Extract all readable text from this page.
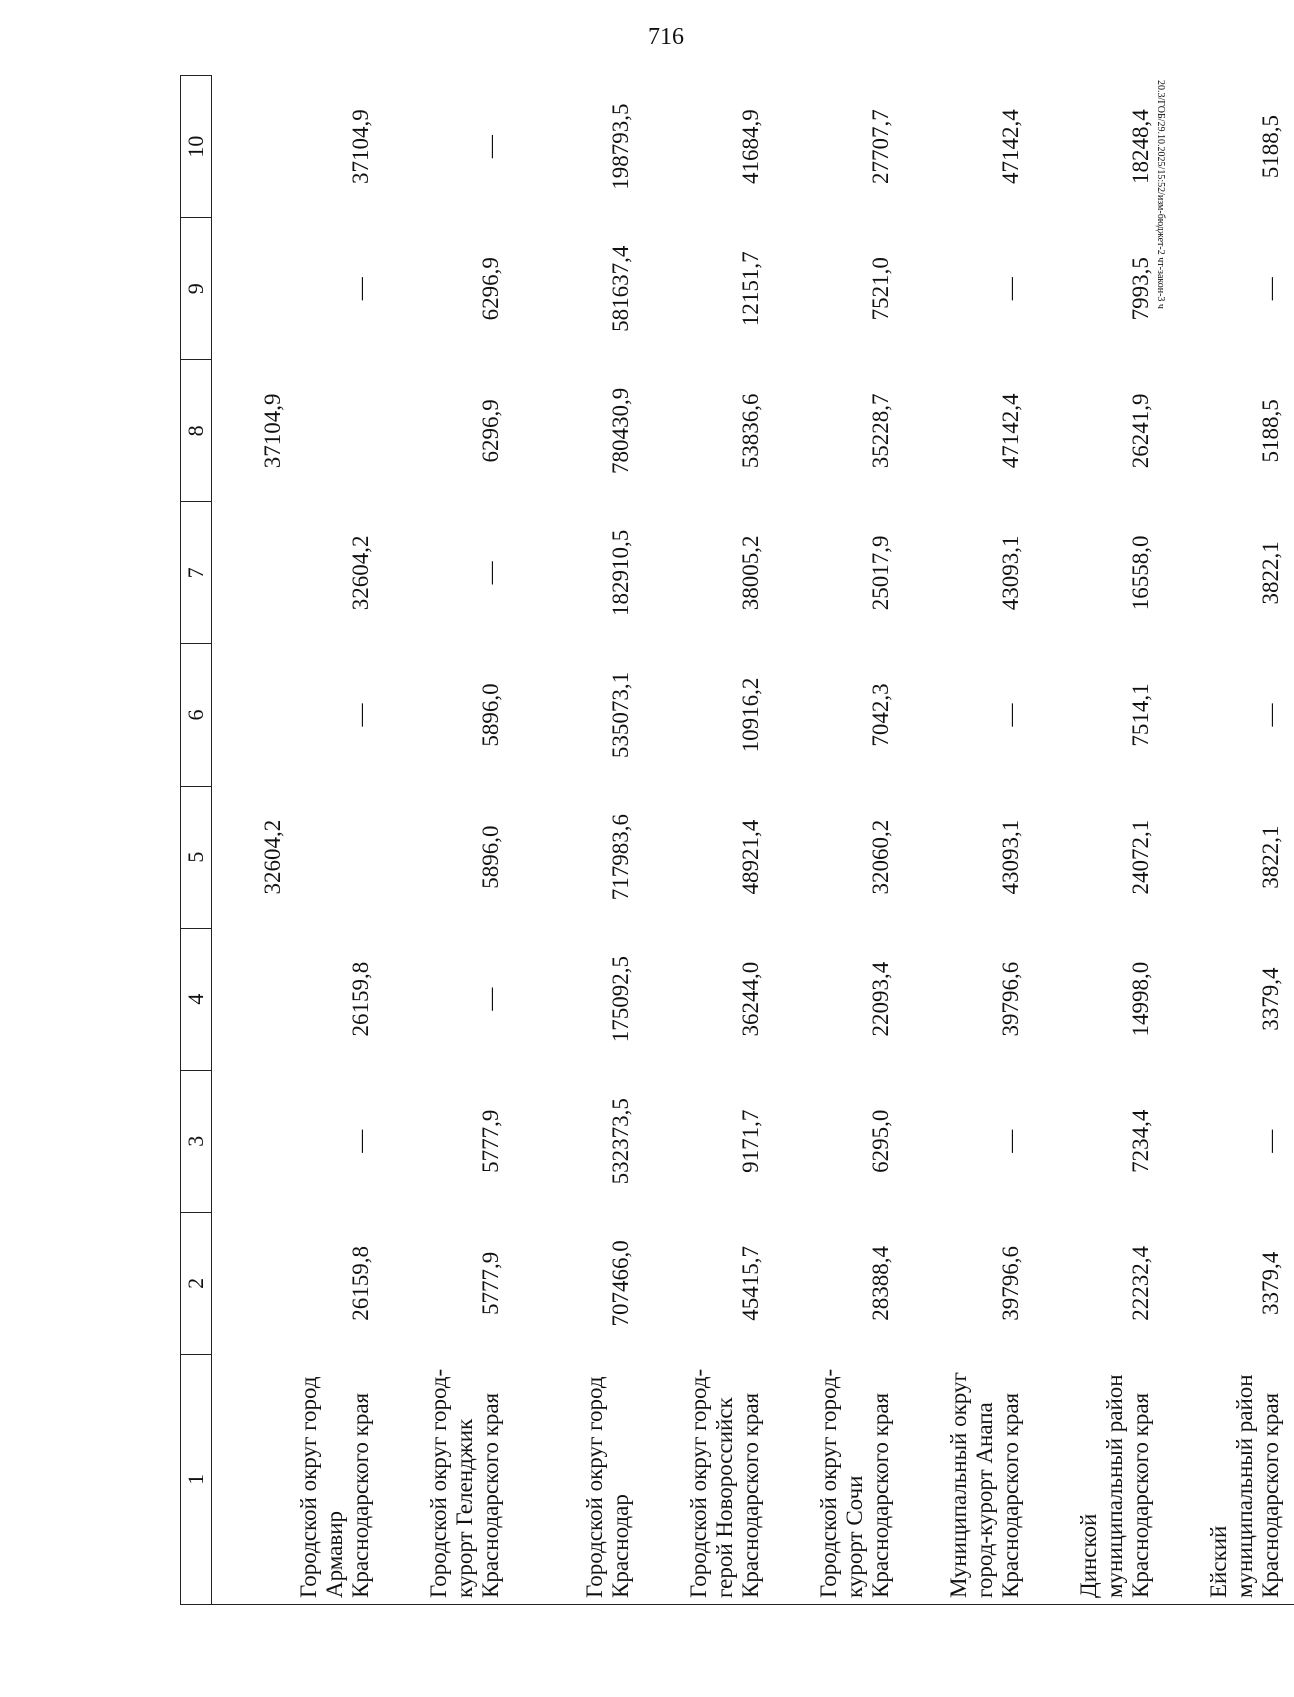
716
20.3/ГОБ/29.10.2025/15:52/изм-бюджет-2 чт-закон-3 ч
1	2	3	4	5	6	7	8	9	10
Городской округ город Армавир Краснодарского края	26159,8	—	26159,8	32604,2	—	32604,2	37104,9	—	37104,9
Городской округ город-курорт Геленджик Краснодарского края	5777,9	5777,9	—	5896,0	5896,0	—	6296,9	6296,9	—
Городской округ город Краснодар	707466,0	532373,5	175092,5	717983,6	535073,1	182910,5	780430,9	581637,4	198793,5
Городской округ город-герой Новороссийск Краснодарского края	45415,7	9171,7	36244,0	48921,4	10916,2	38005,2	53836,6	12151,7	41684,9
Городской округ город-курорт Сочи Краснодарского края	28388,4	6295,0	22093,4	32060,2	7042,3	25017,9	35228,7	7521,0	27707,7
Муниципальный округ город-курорт Анапа Краснодарского края	39796,6	—	39796,6	43093,1	—	43093,1	47142,4	—	47142,4
Динской муниципальный район Краснодарского края	22232,4	7234,4	14998,0	24072,1	7514,1	16558,0	26241,9	7993,5	18248,4
Ейский муниципальный район Краснодарского края	3379,4	—	3379,4	3822,1	—	3822,1	5188,5	—	5188,5
